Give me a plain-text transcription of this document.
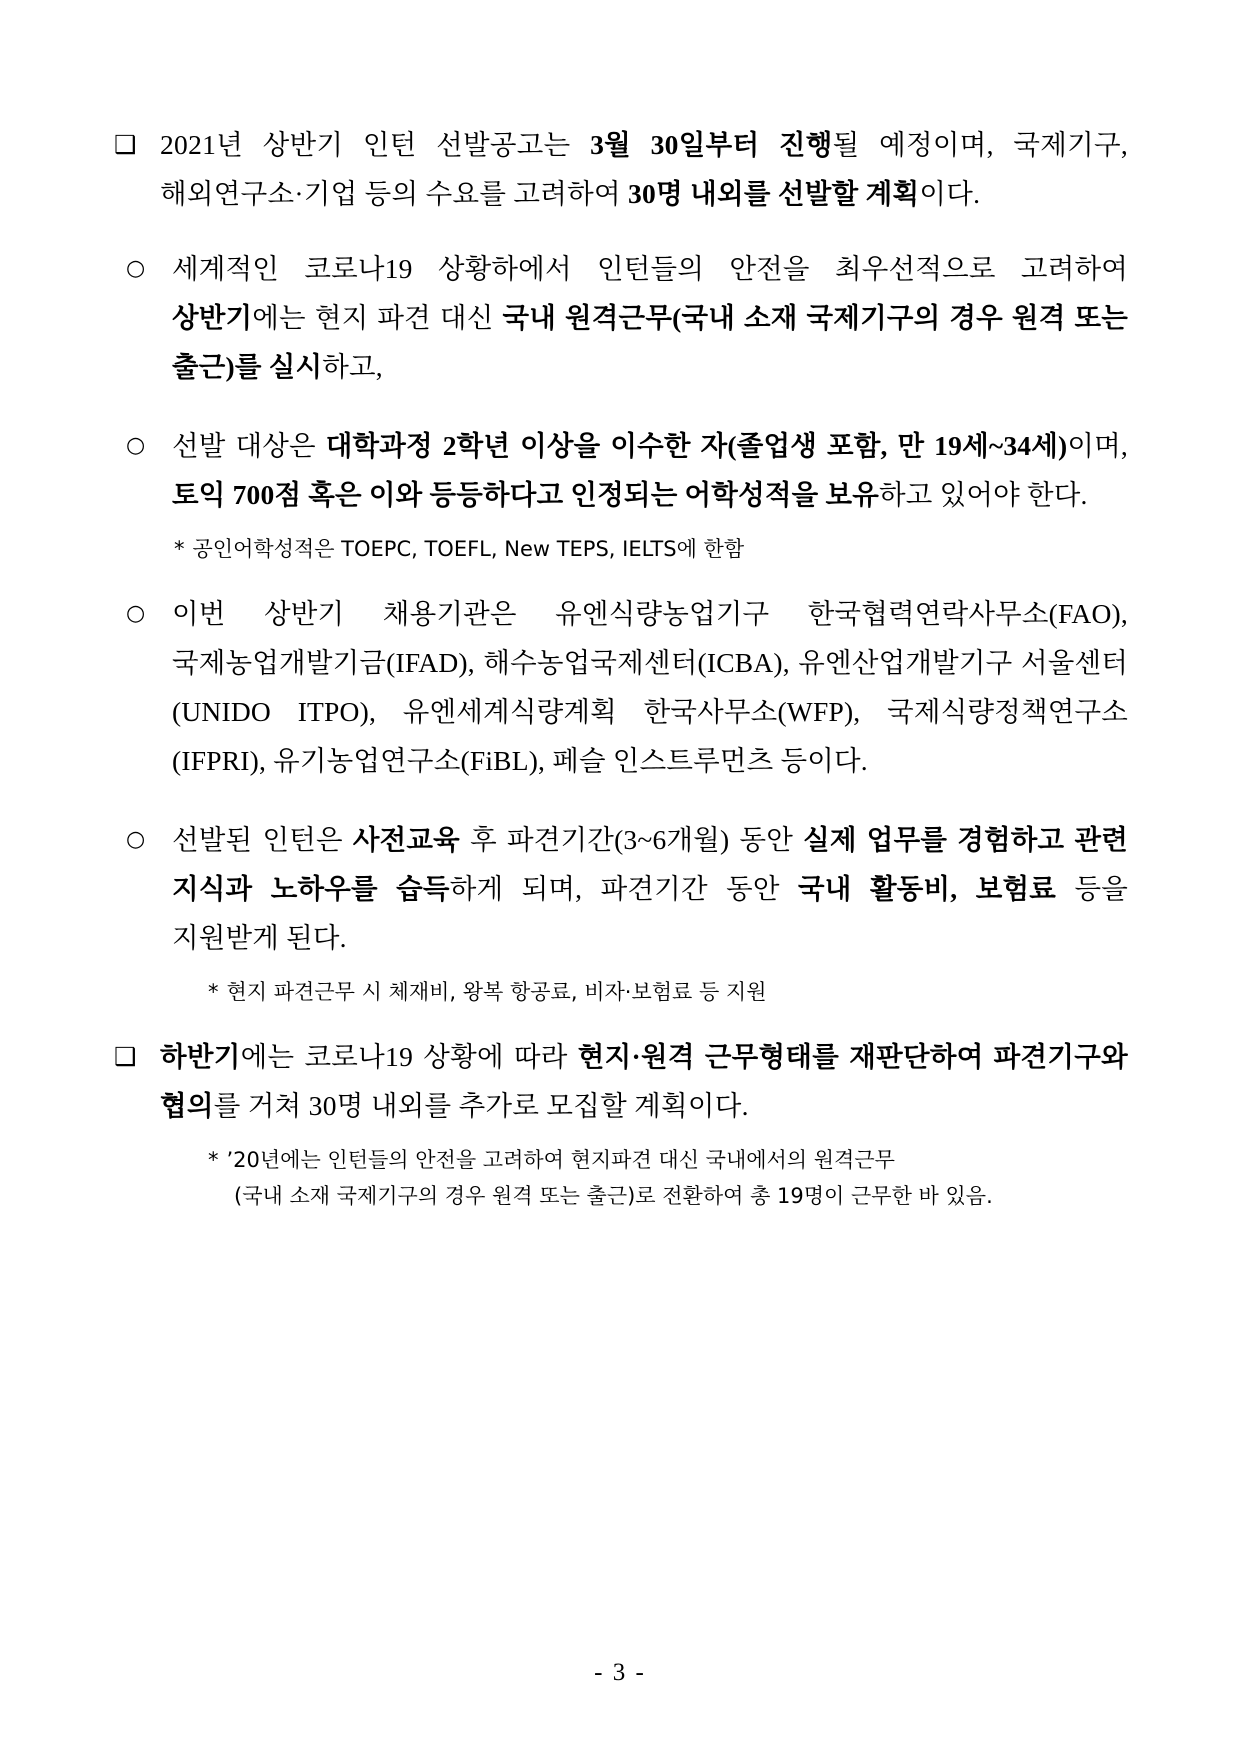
❑ 2021년 상반기 인턴 선발공고는 3월 30일부터 진행될 예정이며, 국제기구, 해외연구소·기업 등의 수요를 고려하여 30명 내외를 선발할 계획이다.
○ 세계적인 코로나19 상황하에서 인턴들의 안전을 최우선적으로 고려하여 상반기에는 현지 파견 대신 국내 원격근무(국내 소재 국제기구의 경우 원격 또는 출근)를 실시하고,
○ 선발 대상은 대학과정 2학년 이상을 이수한 자(졸업생 포함, 만 19세~34세)이며, 토익 700점 혹은 이와 등등하다고 인정되는 어학성적을 보유하고 있어야 한다.
* 공인어학성적은 TOEPC, TOEFL, New TEPS, IELTS에 한함
○ 이번 상반기 채용기관은 유엔식량농업기구 한국협력연락사무소(FAO), 국제농업개발기금(IFAD), 해수농업국제센터(ICBA), 유엔산업개발기구 서울센터(UNIDO ITPO), 유엔세계식량계획 한국사무소(WFP), 국제식량정책연구소(IFPRI), 유기농업연구소(FiBL), 페슬 인스트루먼츠 등이다.
○ 선발된 인턴은 사전교육 후 파견기간(3~6개월) 동안 실제 업무를 경험하고 관련 지식과 노하우를 습득하게 되며, 파견기간 동안 국내 활동비, 보험료 등을 지원받게 된다.
* 현지 파견근무 시 체재비, 왕복 항공료, 비자·보험료 등 지원
❑ 하반기에는 코로나19 상황에 따라 현지·원격 근무형태를 재판단하여 파견기구와 협의를 거쳐 30명 내외를 추가로 모집할 계획이다.
* ’20년에는 인턴들의 안전을 고려하여 현지파견 대신 국내에서의 원격근무
(국내 소재 국제기구의 경우 원격 또는 출근)로 전환하여 총 19명이 근무한 바 있음.
- 3 -
